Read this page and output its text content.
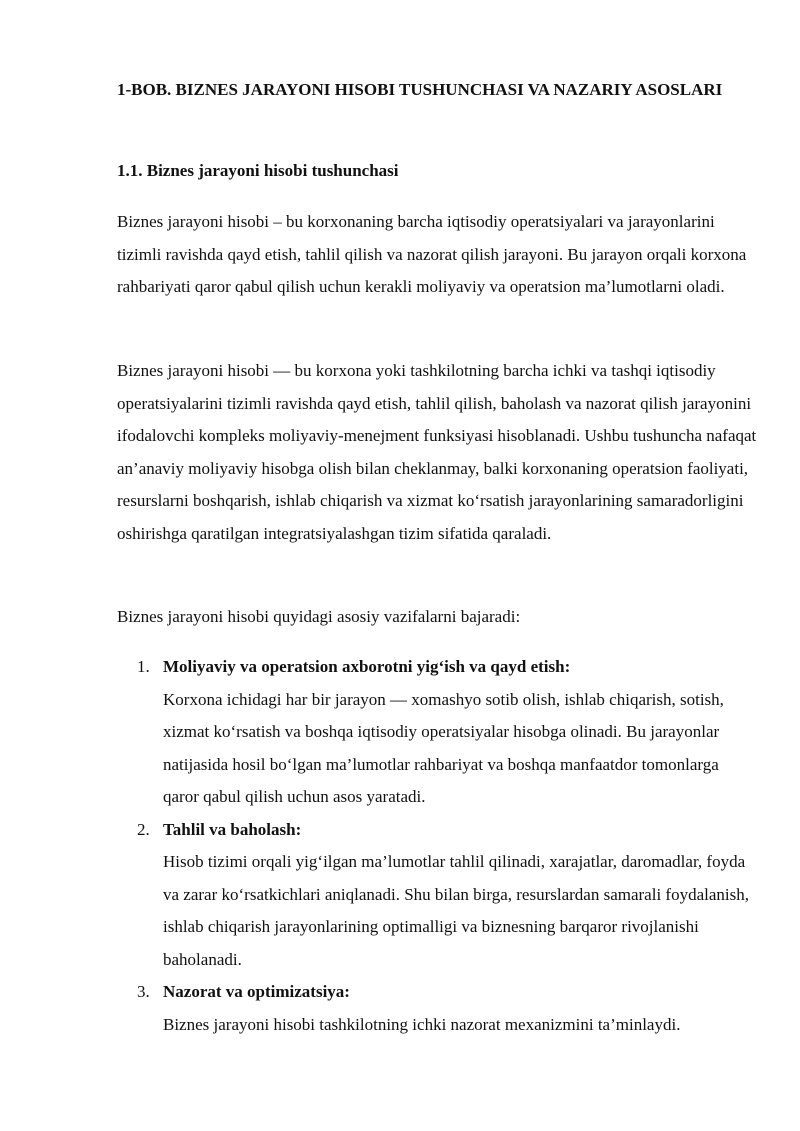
1-BOB. BIZNES JARAYONI HISOBI TUSHUNCHASI VA NAZARIY ASOSLARI
1.1. Biznes jarayoni hisobi tushunchasi
Biznes jarayoni hisobi – bu korxonaning barcha iqtisodiy operatsiyalari va jarayonlarini tizimli ravishda qayd etish, tahlil qilish va nazorat qilish jarayoni. Bu jarayon orqali korxona rahbariyati qaror qabul qilish uchun kerakli moliyaviy va operatsion ma’lumotlarni oladi.
Biznes jarayoni hisobi — bu korxona yoki tashkilotning barcha ichki va tashqi iqtisodiy operatsiyalarini tizimli ravishda qayd etish, tahlil qilish, baholash va nazorat qilish jarayonini ifodalovchi kompleks moliyaviy-menejment funksiyasi hisoblanadi. Ushbu tushuncha nafaqat an’anaviy moliyaviy hisobga olish bilan cheklanmay, balki korxonaning operatsion faoliyati, resurslarni boshqarish, ishlab chiqarish va xizmat ko‘rsatish jarayonlarining samaradorligini oshirishga qaratilgan integratsiyalashgan tizim sifatida qaraladi.
Biznes jarayoni hisobi quyidagi asosiy vazifalarni bajaradi:
1. Moliyaviy va operatsion axborotni yig‘ish va qayd etish:
Korxona ichidagi har bir jarayon — xomashyo sotib olish, ishlab chiqarish, sotish, xizmat ko‘rsatish va boshqa iqtisodiy operatsiyalar hisobga olinadi. Bu jarayonlar natijasida hosil bo‘lgan ma’lumotlar rahbariyat va boshqa manfaatdor tomonlarga qaror qabul qilish uchun asos yaratadi.
2. Tahlil va baholash:
Hisob tizimi orqali yig‘ilgan ma’lumotlar tahlil qilinadi, xarajatlar, daromadlar, foyda va zarar ko‘rsatkichlari aniqlanadi. Shu bilan birga, resurslardan samarali foydalanish, ishlab chiqarish jarayonlarining optimalligi va biznesning barqaror rivojlanishi baholanadi.
3. Nazorat va optimizatsiya:
Biznes jarayoni hisobi tashkilotning ichki nazorat mexanizmini ta’minlaydi.
